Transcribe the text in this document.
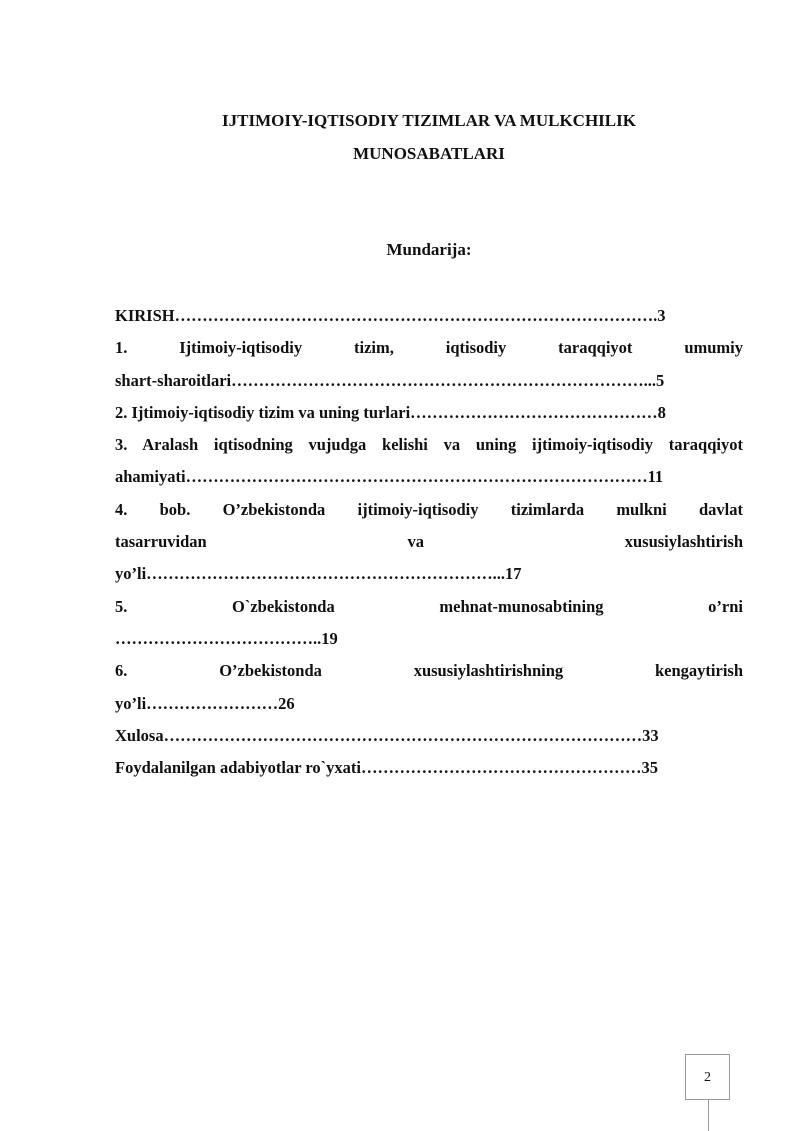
IJTIMOIY-IQTISODIY TIZIMLAR VA MULKCHILIK
MUNOSABATLARI
Mundarija:
KIRISH…………………………………………………………………………….3
1.	Ijtimoiy-iqtisodiy	tizim,	iqtisodiy	taraqqiyot	umumiy
shart-sharoitlari…………………………………………………………………...5
2. Ijtimoiy-iqtisodiy tizim va uning turlari………………………………………8
3. Aralash iqtisodning vujudga kelishi va uning ijtimoiy-iqtisodiy taraqqiyot
ahamiyati…………………………………………………………………………11
4. bob. O’zbekistonda ijtimoiy-iqtisodiy tizimlarda mulkni davlat
tasarruvidan	va	xususiylashtirish
yo’li………………………………………………………...17
5.	O`zbekistonda	mehnat-munosabtining	o’rni
………………………………..19
6.	O’zbekistonda	xususiylashtirishning	kengaytirish
yo’li……………………26
Xulosa……………………………………………………………………………33
Foydalanilgan adabiyotlar ro`yxati……………………………………………35
2
